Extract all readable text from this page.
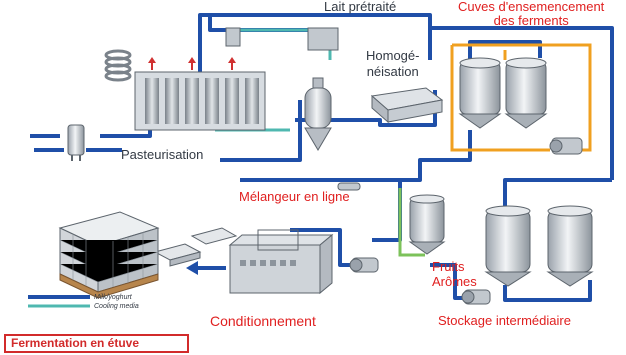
Lait prétraité	Cuves d'ensemencement
des ferments
Homogé-
néisation
Pasteurisation
Mélangeur en ligne
Fruits
Arômes
Conditionnement	Stockage intermédiaire
Milk/yoghurt
Cooling media
Fermentation en étuve
